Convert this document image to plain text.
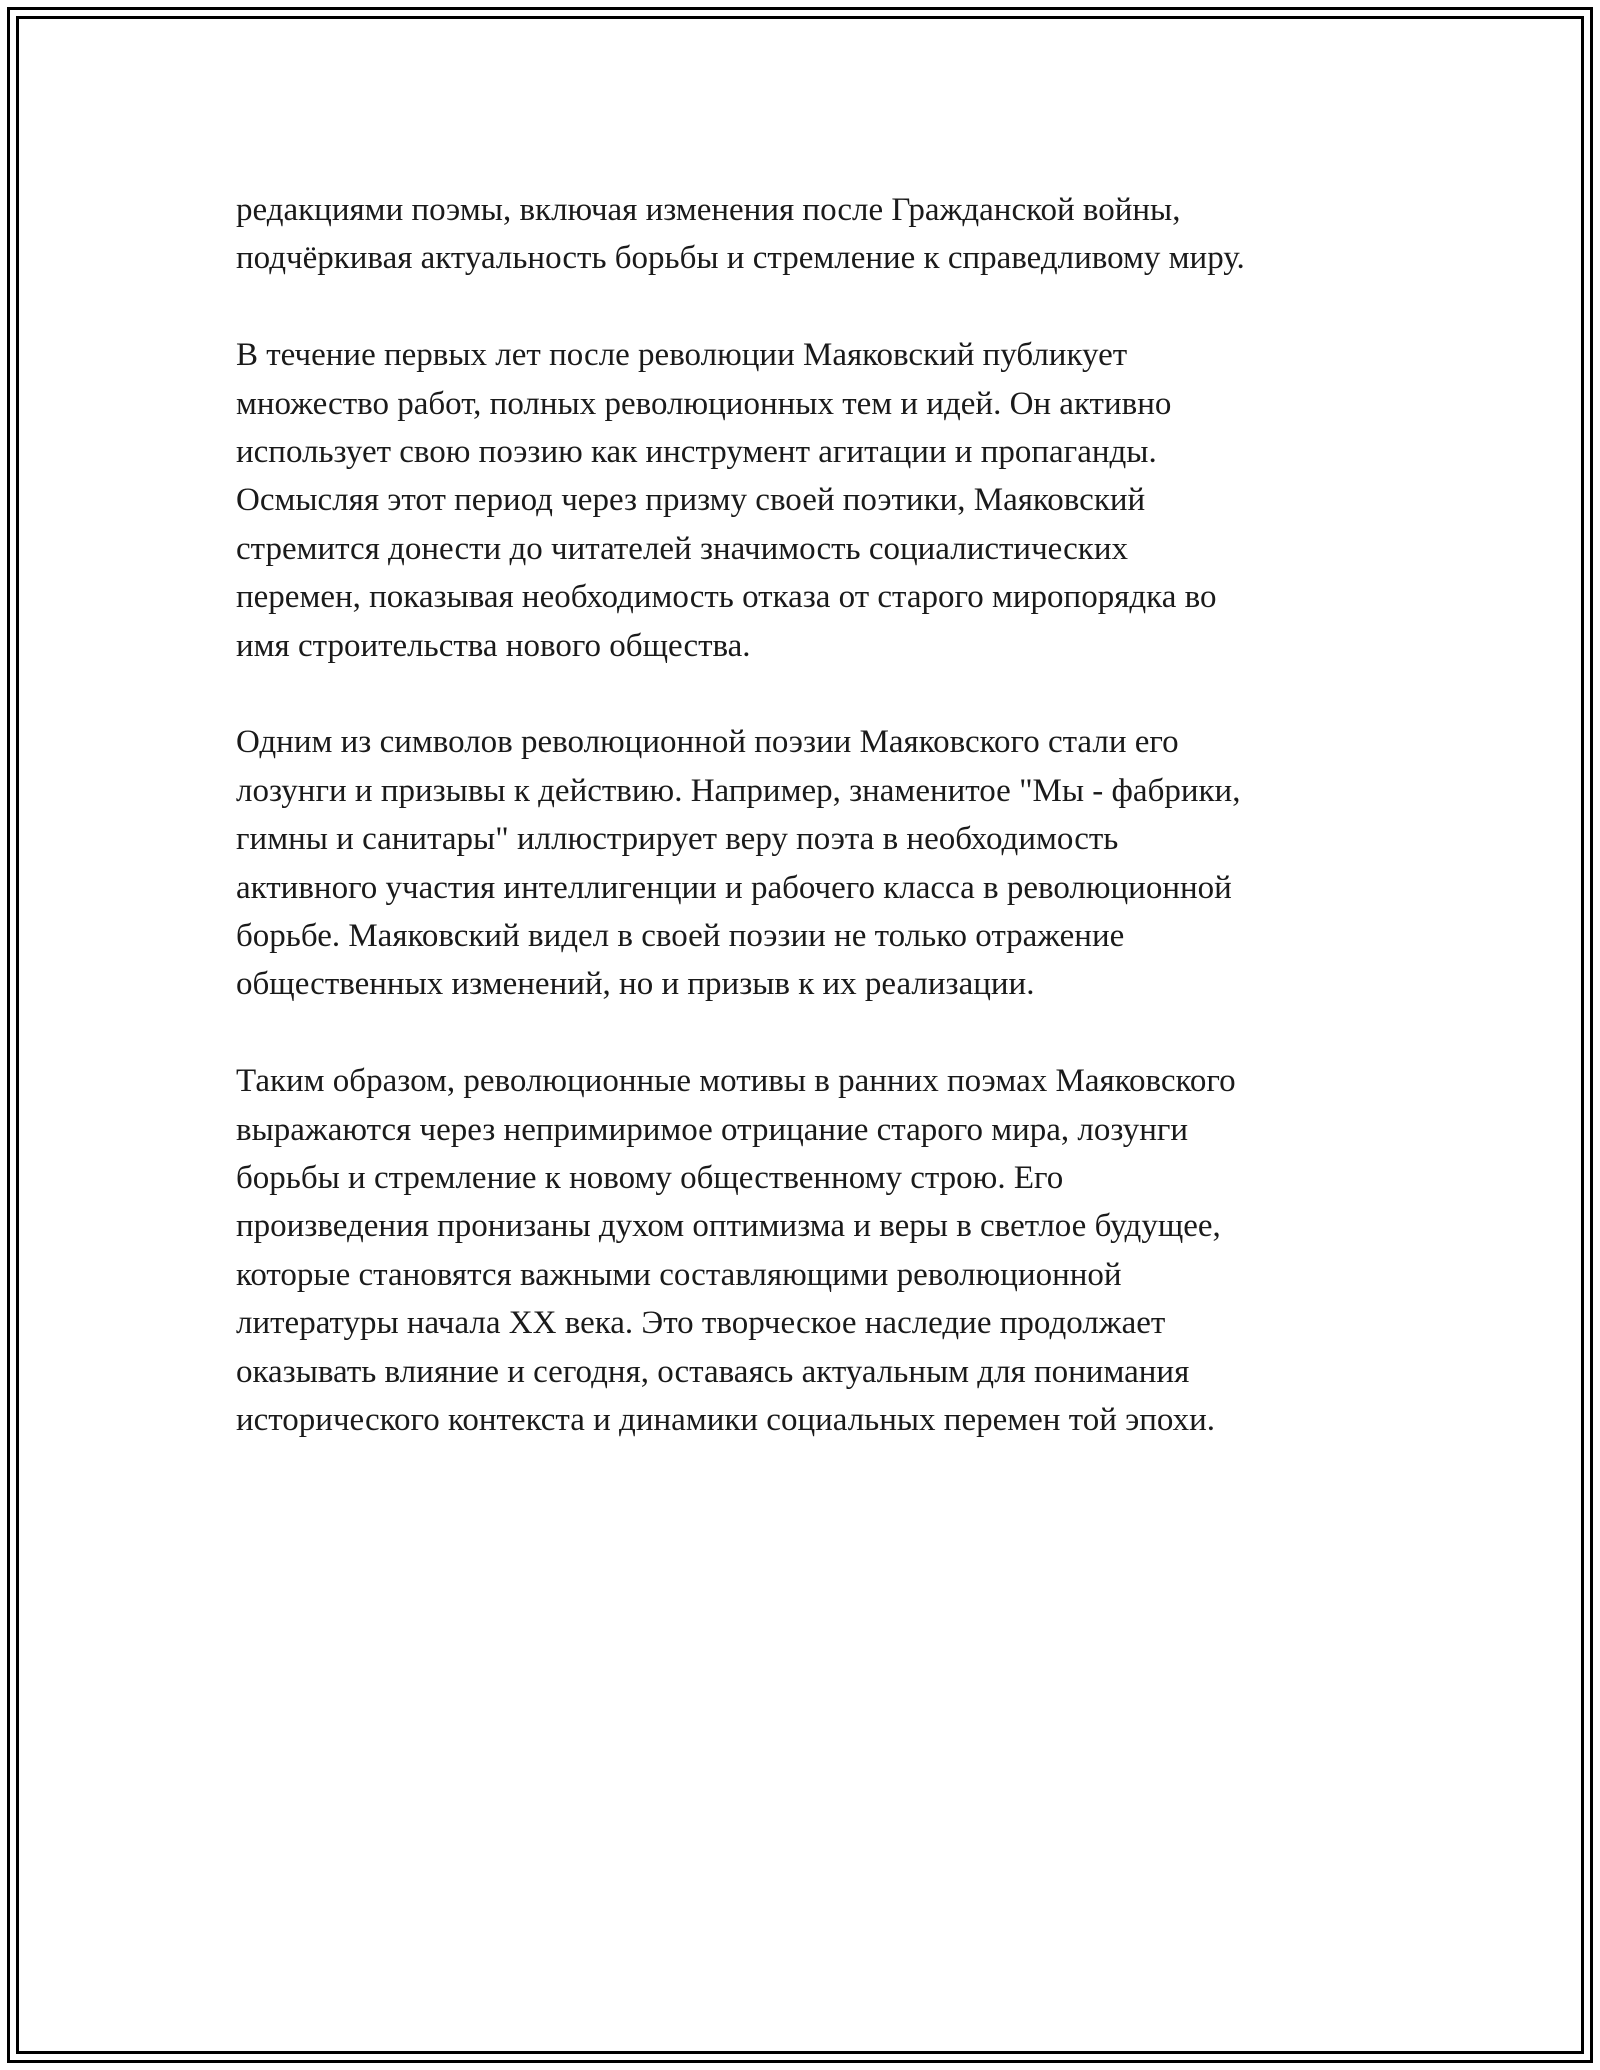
редакциями поэмы, включая изменения после Гражданской войны,
подчёркивая актуальность борьбы и стремление к справедливому миру.
В течение первых лет после революции Маяковский публикует
множество работ, полных революционных тем и идей. Он активно
использует свою поэзию как инструмент агитации и пропаганды.
Осмысляя этот период через призму своей поэтики, Маяковский
стремится донести до читателей значимость социалистических
перемен, показывая необходимость отказа от старого миропорядка во
имя строительства нового общества.
Одним из символов революционной поэзии Маяковского стали его
лозунги и призывы к действию. Например, знаменитое "Мы - фабрики,
гимны и санитары" иллюстрирует веру поэта в необходимость
активного участия интеллигенции и рабочего класса в революционной
борьбе. Маяковский видел в своей поэзии не только отражение
общественных изменений, но и призыв к их реализации.
Таким образом, революционные мотивы в ранних поэмах Маяковского
выражаются через непримиримое отрицание старого мира, лозунги
борьбы и стремление к новому общественному строю. Его
произведения пронизаны духом оптимизма и веры в светлое будущее,
которые становятся важными составляющими революционной
литературы начала XX века. Это творческое наследие продолжает
оказывать влияние и сегодня, оставаясь актуальным для понимания
исторического контекста и динамики социальных перемен той эпохи.
